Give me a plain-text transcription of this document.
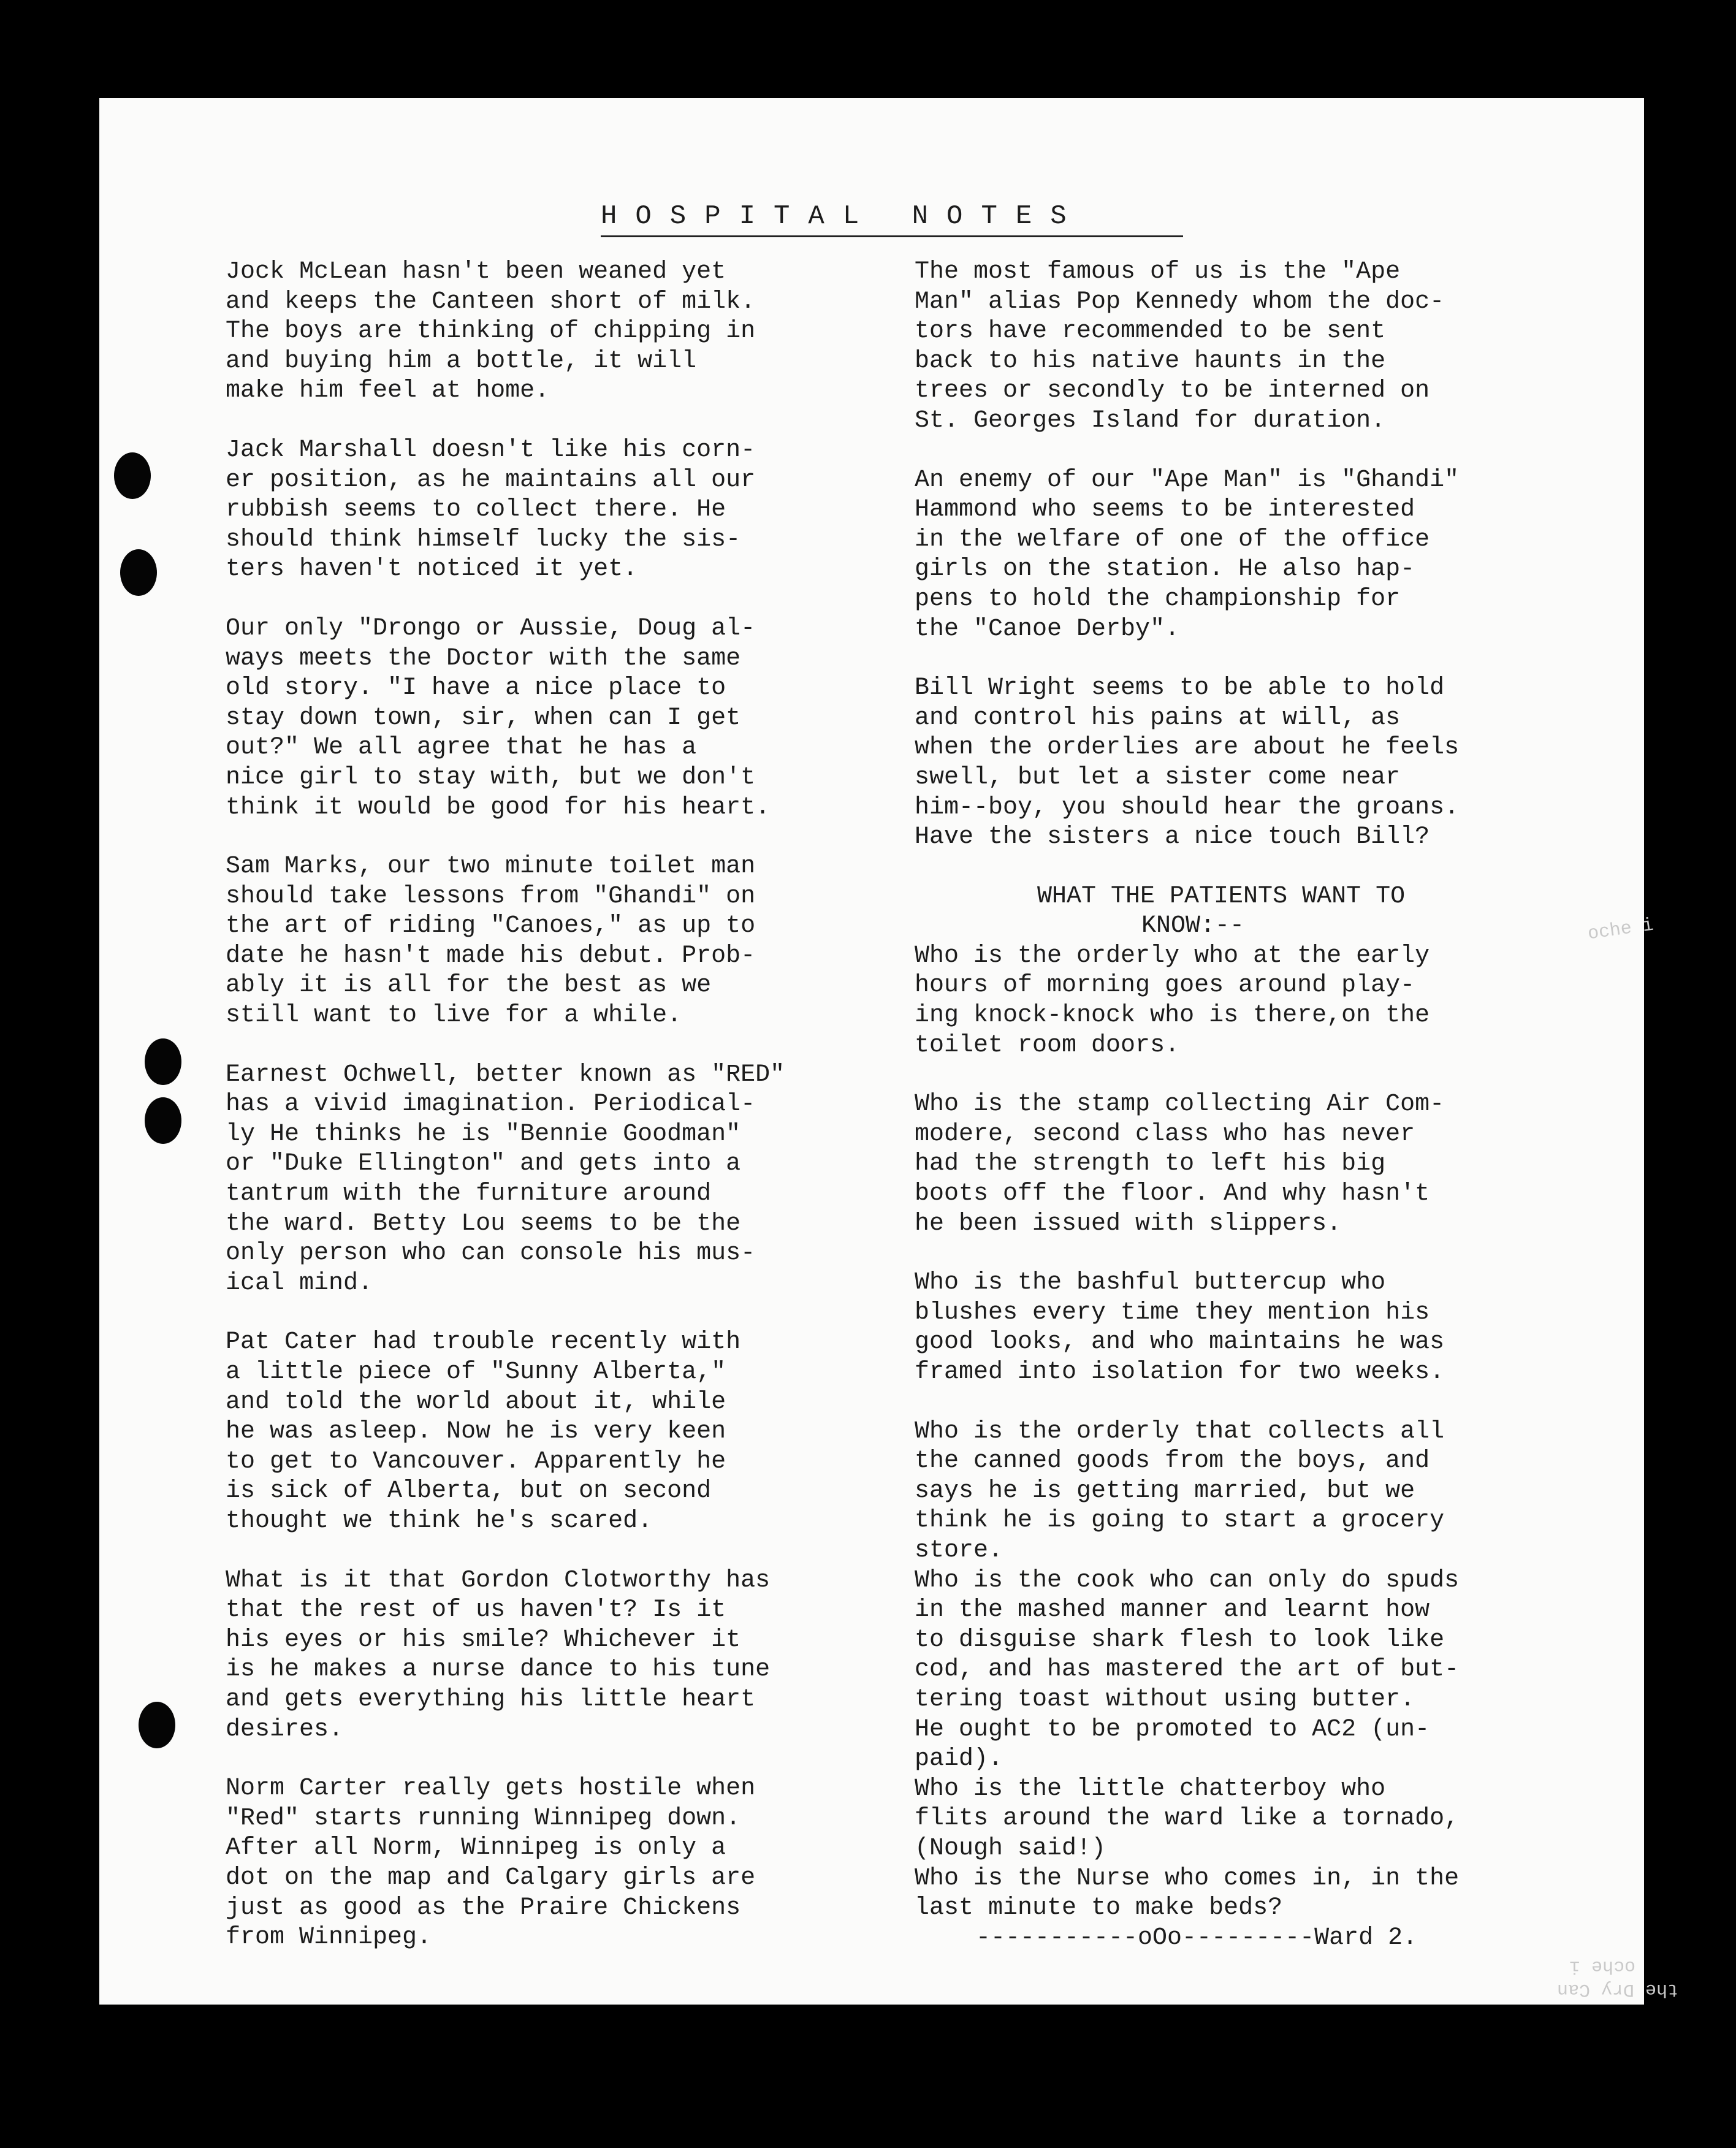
oche i
oche i
the Dry Can
HOSPITAL NOTES
Jock McLean hasn't been weaned yet
and keeps the Canteen short of milk.
The boys are thinking of chipping in
and buying him a bottle, it will
make him feel at home.
Jack Marshall doesn't like his corn-
er position, as he maintains all our
rubbish seems to collect there. He
should think himself lucky the sis-
ters haven't noticed it yet.
Our only "Drongo or Aussie, Doug al-
ways meets the Doctor with the same
old story. "I have a nice place to
stay down town, sir, when can I get
out?" We all agree that he has a
nice girl to stay with, but we don't
think it would be good for his heart.
Sam Marks, our two minute toilet man
should take lessons from "Ghandi" on
the art of riding "Canoes," as up to
date he hasn't made his debut. Prob-
ably it is all for the best as we
still want to live for a while.
Earnest Ochwell, better known as "RED"
has a vivid imagination. Periodical-
ly He thinks he is "Bennie Goodman"
or "Duke Ellington" and gets into a
tantrum with the furniture around
the ward. Betty Lou seems to be the
only person who can console his mus-
ical mind.
Pat Cater had trouble recently with
a little piece of "Sunny Alberta,"
and told the world about it, while
he was asleep. Now he is very keen
to get to Vancouver. Apparently he
is sick of Alberta, but on second
thought we think he's scared.
What is it that Gordon Clotworthy has
that the rest of us haven't? Is it
his eyes or his smile? Whichever it
is he makes a nurse dance to his tune
and gets everything his little heart
desires.
Norm Carter really gets hostile when
"Red" starts running Winnipeg down.
After all Norm, Winnipeg is only a
dot on the map and Calgary girls are
just as good as the Praire Chickens
from Winnipeg.
The most famous of us is the "Ape
Man" alias Pop Kennedy whom the doc-
tors have recommended to be sent
back to his native haunts in the
trees or secondly to be interned on
St. Georges Island for duration.
An enemy of our "Ape Man" is "Ghandi"
Hammond who seems to be interested
in the welfare of one of the office
girls on the station. He also hap-
pens to hold the championship for
the "Canoe Derby".
Bill Wright seems to be able to hold
and control his pains at will, as
when the orderlies are about he feels
swell, but let a sister come near
him--boy, you should hear the groans.
Have the sisters a nice touch Bill?
WHAT THE PATIENTS WANT TO
KNOW:--
Who is the orderly who at the early
hours of morning goes around play-
ing knock-knock who is there,on the
toilet room doors.
Who is the stamp collecting Air Com-
modere, second class who has never
had the strength to left his big
boots off the floor. And why hasn't
he been issued with slippers.
Who is the bashful buttercup who
blushes every time they mention his
good looks, and who maintains he was
framed into isolation for two weeks.
Who is the orderly that collects all
the canned goods from the boys, and
says he is getting married, but we
think he is going to start a grocery
store.
Who is the cook who can only do spuds
in the mashed manner and learnt how
to disguise shark flesh to look like
cod, and has mastered the art of but-
tering toast without using butter.
He ought to be promoted to AC2 (un-
paid).
Who is the little chatterboy who
flits around the ward like a tornado,
(Nough said!)
Who is the Nurse who comes in, in the
last minute to make beds?
-----------oOo---------Ward 2.
